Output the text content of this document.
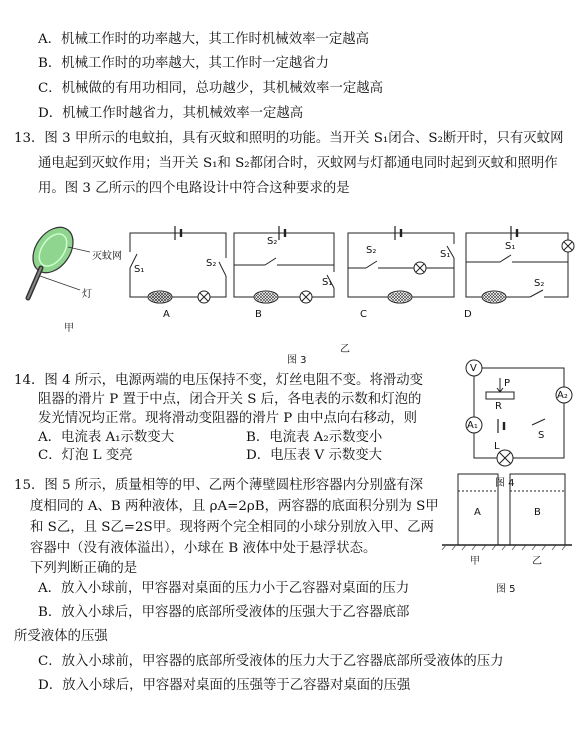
A．机械工作时的功率越大，其工作时机械效率一定越高
B．机械工作时的功率越大，其工作时一定越省力
C．机械做的有用功相同，总功越少，其机械效率一定越高
D．机械工作时越省力，其机械效率一定越高
13．图 3 甲所示的电蚊拍，具有灭蚊和照明的功能。当开关 S₁闭合、S₂断开时，只有灭蚊网
通电起到灭蚊作用；当开关 S₁和 S₂都闭合时，灭蚊网与灯都通电同时起到灭蚊和照明作
用。图 3 乙所示的四个电路设计中符合这种要求的是
灭蚊网
灯
甲
乙
S₁
S₂
S₂
S₁
S₂	S₁
S₁
S₂
A	B	C	D
图 3
14．图 4 所示，电源两端的电压保持不变，灯丝电阻不变。将滑动变
阻器的滑片 P 置于中点，闭合开关 S 后，各电表的示数和灯泡的
发光情况均正常。现将滑动变阻器的滑片 P 由中点向右移动，则
A．电流表 A₁示数变大	B．电流表 A₂示数变小
C．灯泡 L 变亮	D．电压表 V 示数变大
V
P
R
A₂
A₁
S
L
图 4
15．图 5 所示，质量相等的甲、乙两个薄壁圆柱形容器内分别盛有深
度相同的 A、B 两种液体，且 ρA=2ρB，两容器的底面积分别为 S甲
和 S乙，且 S乙=2S甲。现将两个完全相同的小球分别放入甲、乙两
容器中（没有液体溢出），小球在 B 液体中处于悬浮状态。
下列判断正确的是
A．放入小球前，甲容器对桌面的压力小于乙容器对桌面的压力
B．放入小球后，甲容器的底部所受液体的压强大于乙容器底部
所受液体的压强
C．放入小球前，甲容器的底部所受液体的压力大于乙容器底部所受液体的压力
D．放入小球后，甲容器对桌面的压强等于乙容器对桌面的压强
A	B
甲	乙
图 5
